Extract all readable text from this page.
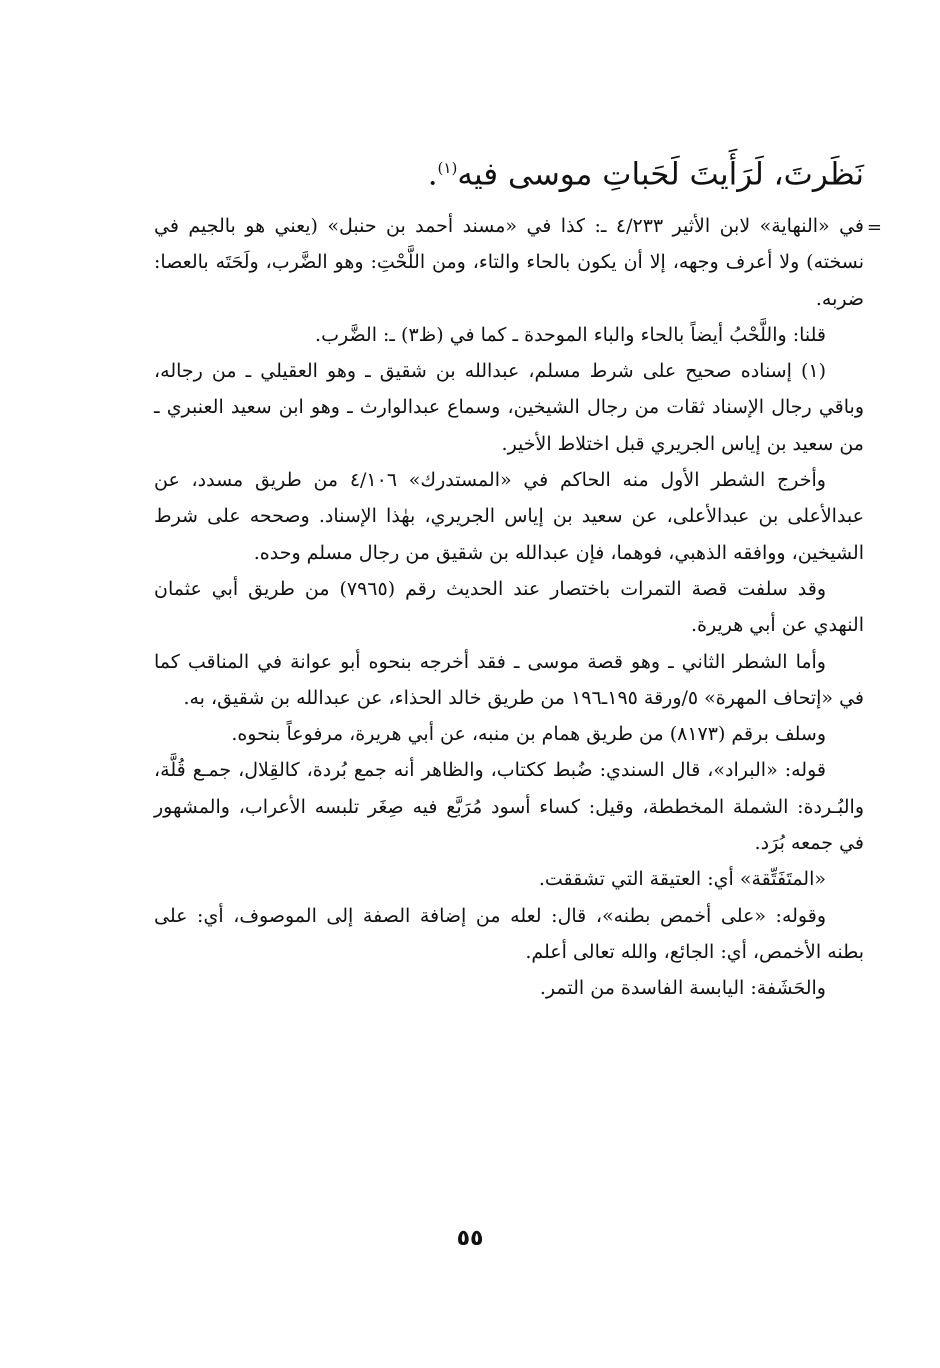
نَظَرتَ، لَرَأَيتَ لَحَباتِ موسى فيه$^{(١)}$.
=

في «النهاية» لابن الأثير ٤/٢٣٣ ـ: كذا في «مسند أحمد بن حنبل» (يعني هو بالجيم في نسخته) ولا أعرف وجهه، إلا أن يكون بالحاء والتاء، ومن اللَّحْتِ: وهو الضَّرب، ولَحَتَه بالعصا: ضربه.

قلنا: واللَّحْبُ أيضاً بالحاء والباء الموحدة ـ كما في (ظ٣) ـ: الضَّرب.

(١) إسناده صحيح على شرط مسلم، عبدالله بن شقيق ـ وهو العقيلي ـ من رجاله، وباقي رجال الإسناد ثقات من رجال الشيخين، وسماع عبدالوارث ـ وهو ابن سعيد العنبري ـ من سعيد بن إياس الجريري قبل اختلاط الأخير.

وأخرج الشطر الأول منه الحاكم في «المستدرك» ٤/١٠٦ من طريق مسدد، عن عبدالأعلى بن عبدالأعلى، عن سعيد بن إياس الجريري، بهٰذا الإسناد. وصححه على شرط الشيخين، ووافقه الذهبي، فوهما، فإن عبدالله بن شقيق من رجال مسلم وحده.

وقد سلفت قصة التمرات باختصار عند الحديث رقم (٧٩٦٥) من طريق أبي عثمان النهدي عن أبي هريرة.

وأما الشطر الثاني ـ وهو قصة موسى ـ فقد أخرجه بنحوه أبو عوانة في المناقب كما في «إتحاف المهرة» ٥/ورقة ١٩٥ـ١٩٦ من طريق خالد الحذاء، عن عبدالله بن شقيق، به.

وسلف برقم (٨١٧٣) من طريق همام بن منبه، عن أبي هريرة، مرفوعاً بنحوه.

قوله: «البراد»، قال السندي: ضُبط ككتاب، والظاهر أنه جمع بُردة، كالقِلال، جمـع قُلَّة، والبُـردة: الشملة المخططة، وقيل: كساء أسود مُرَبَّع فيه صِغَر تلبسه الأعراب، والمشهور في جمعه بُرَد.

«المتَفَتِّقة» أي: العتيقة التي تشققت.

وقوله: «على أخمص بطنه»، قال: لعله من إضافة الصفة إلى الموصوف، أي: على بطنه الأخمص، أي: الجائع، والله تعالى أعلم.

والحَشَفة: اليابسة الفاسدة من التمر.

٥٥
